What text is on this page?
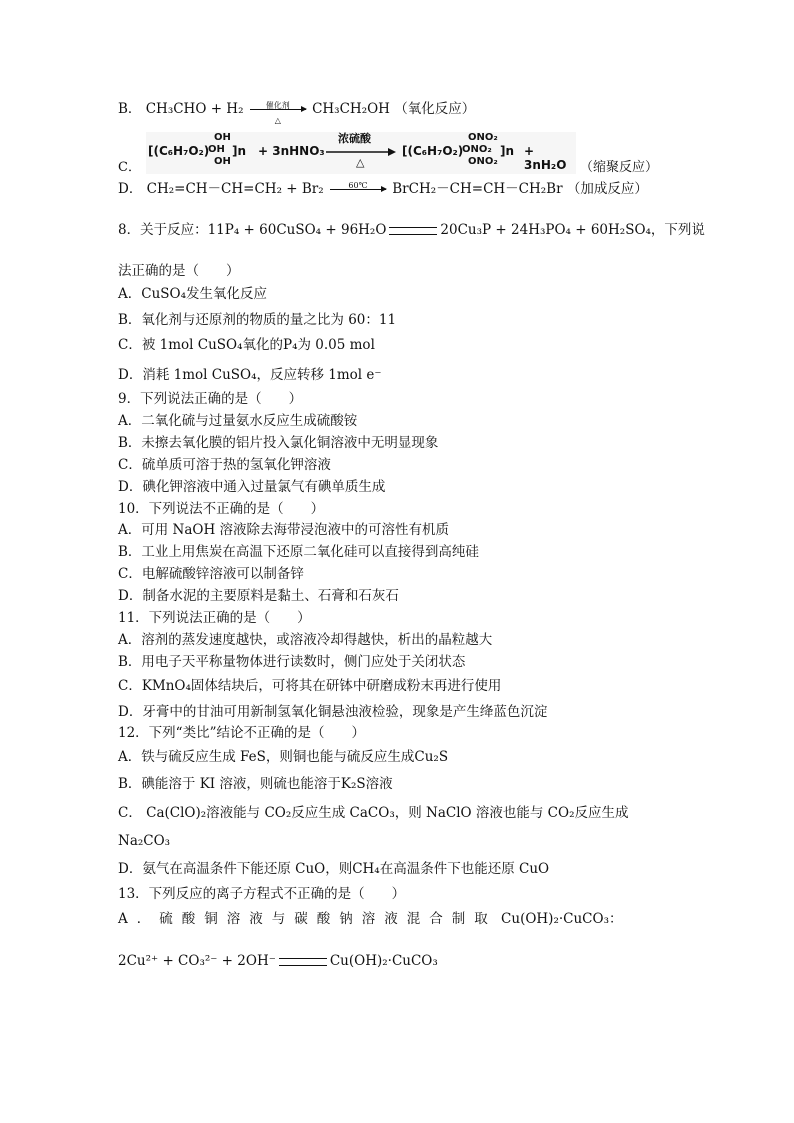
B． CH₃CHO + H₂	催化剂
△
CH₃CH₂OH （氧化反应）
C．
[(C₆H₇O₂)
OH
OH
OH
]n + 3nHNO₃
浓硫酸
△
[(C₆H₇O₂)
ONO₂
ONO₂
ONO₂
]n + 3nH₂O	（缩聚反应）
D． CH₂=CH－CH=CH₂ + Br₂	60℃	BrCH₂－CH=CH－CH₂Br （加成反应）
8．关于反应：11P₄ + 60CuSO₄ + 96H₂O	20Cu₃P + 24H₃PO₄ + 60H₂SO₄，下列说
法正确的是（　　）
A．CuSO₄发生氧化反应
B．氧化剂与还原剂的物质的量之比为 60：11
C．被 1mol CuSO₄氧化的P₄为 0.05 mol
D．消耗 1mol CuSO₄，反应转移 1mol e⁻
9．下列说法正确的是（　　）
A．二氧化硫与过量氨水反应生成硫酸铵
B．未擦去氧化膜的铝片投入氯化铜溶液中无明显现象
C．硫单质可溶于热的氢氧化钾溶液
D．碘化钾溶液中通入过量氯气有碘单质生成
10．下列说法不正确的是（　　）
A．可用 NaOH 溶液除去海带浸泡液中的可溶性有机质
B．工业上用焦炭在高温下还原二氧化硅可以直接得到高纯硅
C．电解硫酸锌溶液可以制备锌
D．制备水泥的主要原料是黏土、石膏和石灰石
11．下列说法正确的是（　　）
A．溶剂的蒸发速度越快，或溶液冷却得越快，析出的晶粒越大
B．用电子天平称量物体进行读数时，侧门应处于关闭状态
C．KMnO₄固体结块后，可将其在研钵中研磨成粉末再进行使用
D．牙膏中的甘油可用新制氢氧化铜悬浊液检验，现象是产生绛蓝色沉淀
12．下列“类比”结论不正确的是（　　）
A．铁与硫反应生成 FeS，则铜也能与硫反应生成Cu₂S
B．碘能溶于 KI 溶液，则硫也能溶于K₂S溶液
C． Ca(ClO)₂溶液能与 CO₂反应生成 CaCO₃，则 NaClO 溶液也能与 CO₂反应生成
Na₂CO₃
D．氨气在高温条件下能还原 CuO，则CH₄在高温条件下也能还原 CuO
13．下列反应的离子方程式不正确的是（　　）
A．硫酸铜溶液与碳酸钠溶液混合制取 Cu(OH)₂·CuCO₃：
2Cu²⁺ + CO₃²⁻ + 2OH⁻	Cu(OH)₂·CuCO₃
